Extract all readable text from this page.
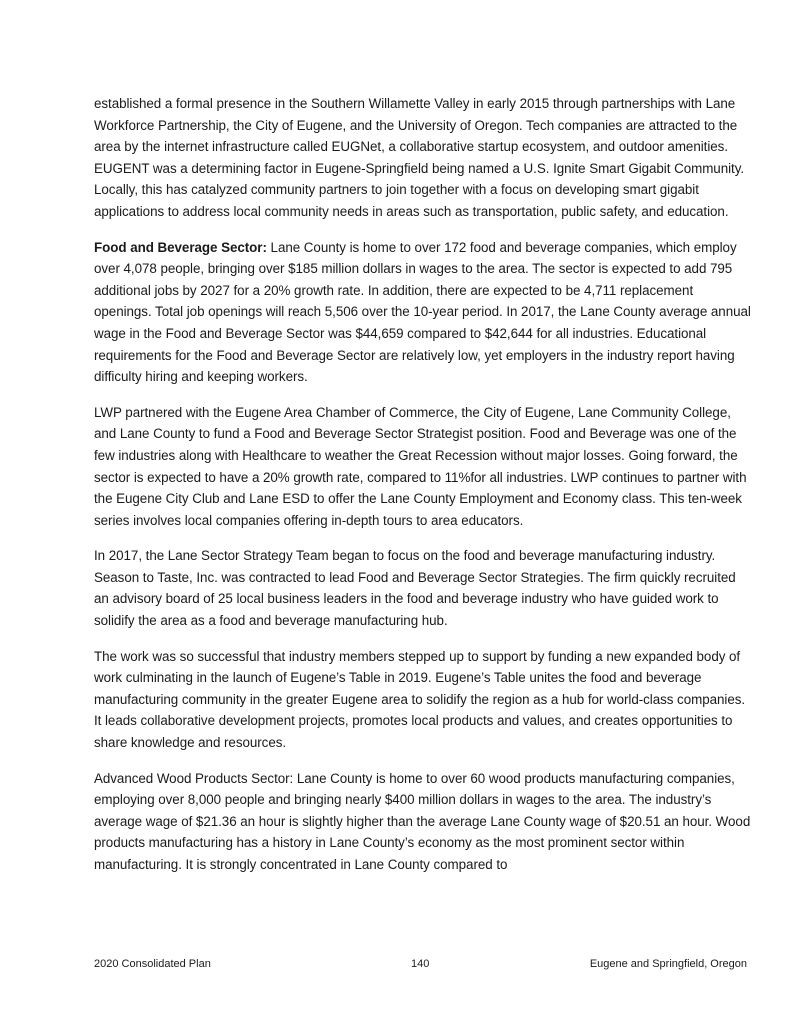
established a formal presence in the Southern Willamette Valley in early 2015 through partnerships with Lane Workforce Partnership, the City of Eugene, and the University of Oregon. Tech companies are attracted to the area by the internet infrastructure called EUGNet, a collaborative startup ecosystem, and outdoor amenities. EUGENT was a determining factor in Eugene-Springfield being named a U.S. Ignite Smart Gigabit Community. Locally, this has catalyzed community partners to join together with a focus on developing smart gigabit applications to address local community needs in areas such as transportation, public safety, and education.

Food and Beverage Sector: Lane County is home to over 172 food and beverage companies, which employ over 4,078 people, bringing over $185 million dollars in wages to the area. The sector is expected to add 795 additional jobs by 2027 for a 20% growth rate. In addition, there are expected to be 4,711 replacement openings. Total job openings will reach 5,506 over the 10-year period. In 2017, the Lane County average annual wage in the Food and Beverage Sector was $44,659 compared to $42,644 for all industries. Educational requirements for the Food and Beverage Sector are relatively low, yet employers in the industry report having difficulty hiring and keeping workers.

LWP partnered with the Eugene Area Chamber of Commerce, the City of Eugene, Lane Community College, and Lane County to fund a Food and Beverage Sector Strategist position. Food and Beverage was one of the few industries along with Healthcare to weather the Great Recession without major losses. Going forward, the sector is expected to have a 20% growth rate, compared to 11%for all industries. LWP continues to partner with the Eugene City Club and Lane ESD to offer the Lane County Employment and Economy class. This ten-week series involves local companies offering in-depth tours to area educators.

In 2017, the Lane Sector Strategy Team began to focus on the food and beverage manufacturing industry. Season to Taste, Inc. was contracted to lead Food and Beverage Sector Strategies. The firm quickly recruited an advisory board of 25 local business leaders in the food and beverage industry who have guided work to solidify the area as a food and beverage manufacturing hub.

The work was so successful that industry members stepped up to support by funding a new expanded body of work culminating in the launch of Eugene’s Table in 2019. Eugene’s Table unites the food and beverage manufacturing community in the greater Eugene area to solidify the region as a hub for world-class companies. It leads collaborative development projects, promotes local products and values, and creates opportunities to share knowledge and resources.

Advanced Wood Products Sector: Lane County is home to over 60 wood products manufacturing companies, employing over 8,000 people and bringing nearly $400 million dollars in wages to the area. The industry’s average wage of $21.36 an hour is slightly higher than the average Lane County wage of $20.51 an hour. Wood products manufacturing has a history in Lane County’s economy as the most prominent sector within manufacturing. It is strongly concentrated in Lane County compared to

2020 Consolidated Plan	140	Eugene and Springfield, Oregon
